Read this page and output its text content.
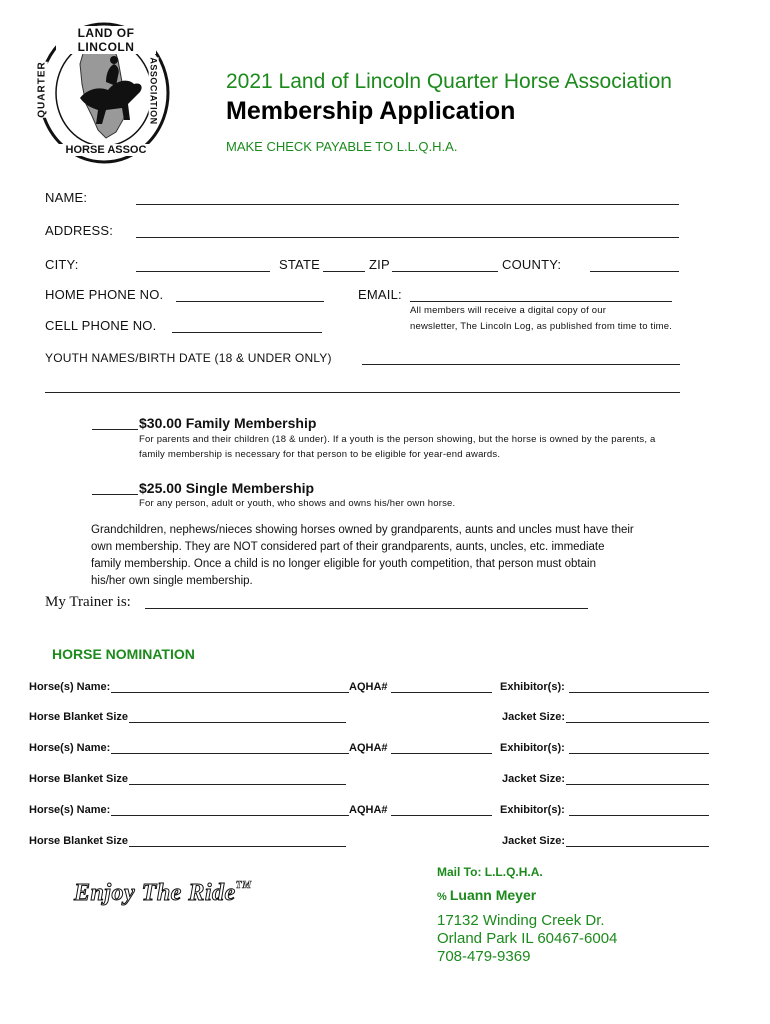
LAND OF LINCOLN
QUARTER	ASSOCIATION
HORSE ASSOC
2021 Land of Lincoln Quarter Horse Association
Membership Application
MAKE CHECK PAYABLE TO L.L.Q.H.A.
NAME:
ADDRESS:
CITY:	STATE	ZIP	COUNTY:
HOME PHONE NO.	EMAIL:
All members will receive a digital copy of our
newsletter, The Lincoln Log, as published from time to time.
CELL PHONE NO.
YOUTH NAMES/BIRTH DATE (18 & UNDER ONLY)
$30.00 Family Membership
For parents and their children (18 & under). If a youth is the person showing, but the horse is owned by the parents, a
family membership is necessary for that person to be eligible for year-end awards.
$25.00 Single Membership
For any person, adult or youth, who shows and owns his/her own horse.
Grandchildren, nephews/nieces showing horses owned by grandparents, aunts and uncles must have their
own membership. They are NOT considered part of their grandparents, aunts, uncles, etc. immediate
family membership. Once a child is no longer eligible for youth competition, that person must obtain
his/her own single membership.
My Trainer is:
HORSE NOMINATION
Horse(s) Name:	AQHA#	Exhibitor(s):
Horse Blanket Size	Jacket Size:
Horse(s) Name:	AQHA#	Exhibitor(s):
Horse Blanket Size	Jacket Size:
Horse(s) Name:	AQHA#	Exhibitor(s):
Horse Blanket Size	Jacket Size:
Enjoy The Ride™
Mail To: L.L.Q.H.A.
% Luann Meyer
17132 Winding Creek Dr.
Orland Park IL 60467-6004
708-479-9369
